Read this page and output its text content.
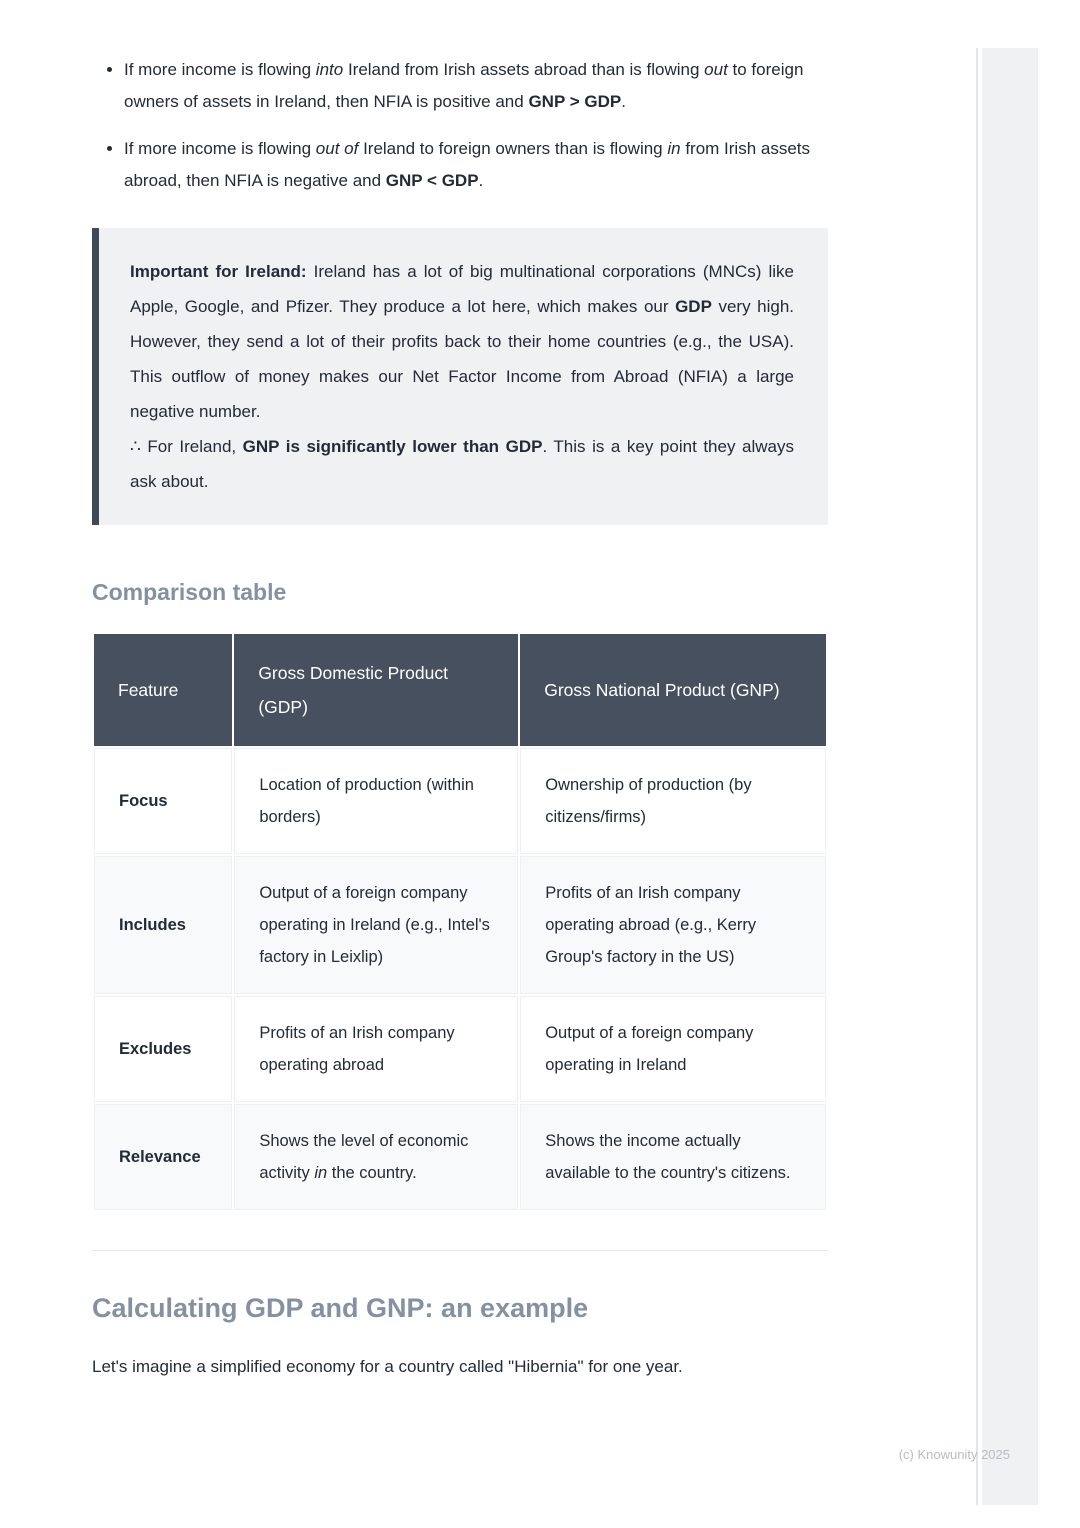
• If more income is flowing into Ireland from Irish assets abroad than is flowing out to foreign owners of assets in Ireland, then NFIA is positive and GNP > GDP.
• If more income is flowing out of Ireland to foreign owners than is flowing in from Irish assets abroad, then NFIA is negative and GNP < GDP.

Important for Ireland: Ireland has a lot of big multinational corporations (MNCs) like Apple, Google, and Pfizer. They produce a lot here, which makes our GDP very high. However, they send a lot of their profits back to their home countries (e.g., the USA). This outflow of money makes our Net Factor Income from Abroad (NFIA) a large negative number.

∴ For Ireland, GNP is significantly lower than GDP. This is a key point they always ask about.

Comparison table
Feature	Gross Domestic Product (GDP)	Gross National Product (GNP)
Focus	Location of production (within borders)	Ownership of production (by citizens/firms)
Includes	Output of a foreign company operating in Ireland (e.g., Intel's factory in Leixlip)	Profits of an Irish company operating abroad (e.g., Kerry Group's factory in the US)
Excludes	Profits of an Irish company operating abroad	Output of a foreign company operating in Ireland
Relevance	Shows the level of economic activity in the country.	Shows the income actually available to the country's citizens.
Calculating GDP and GNP: an example

Let's imagine a simplified economy for a country called "Hibernia" for one year.

(c) Knowunity 2025
